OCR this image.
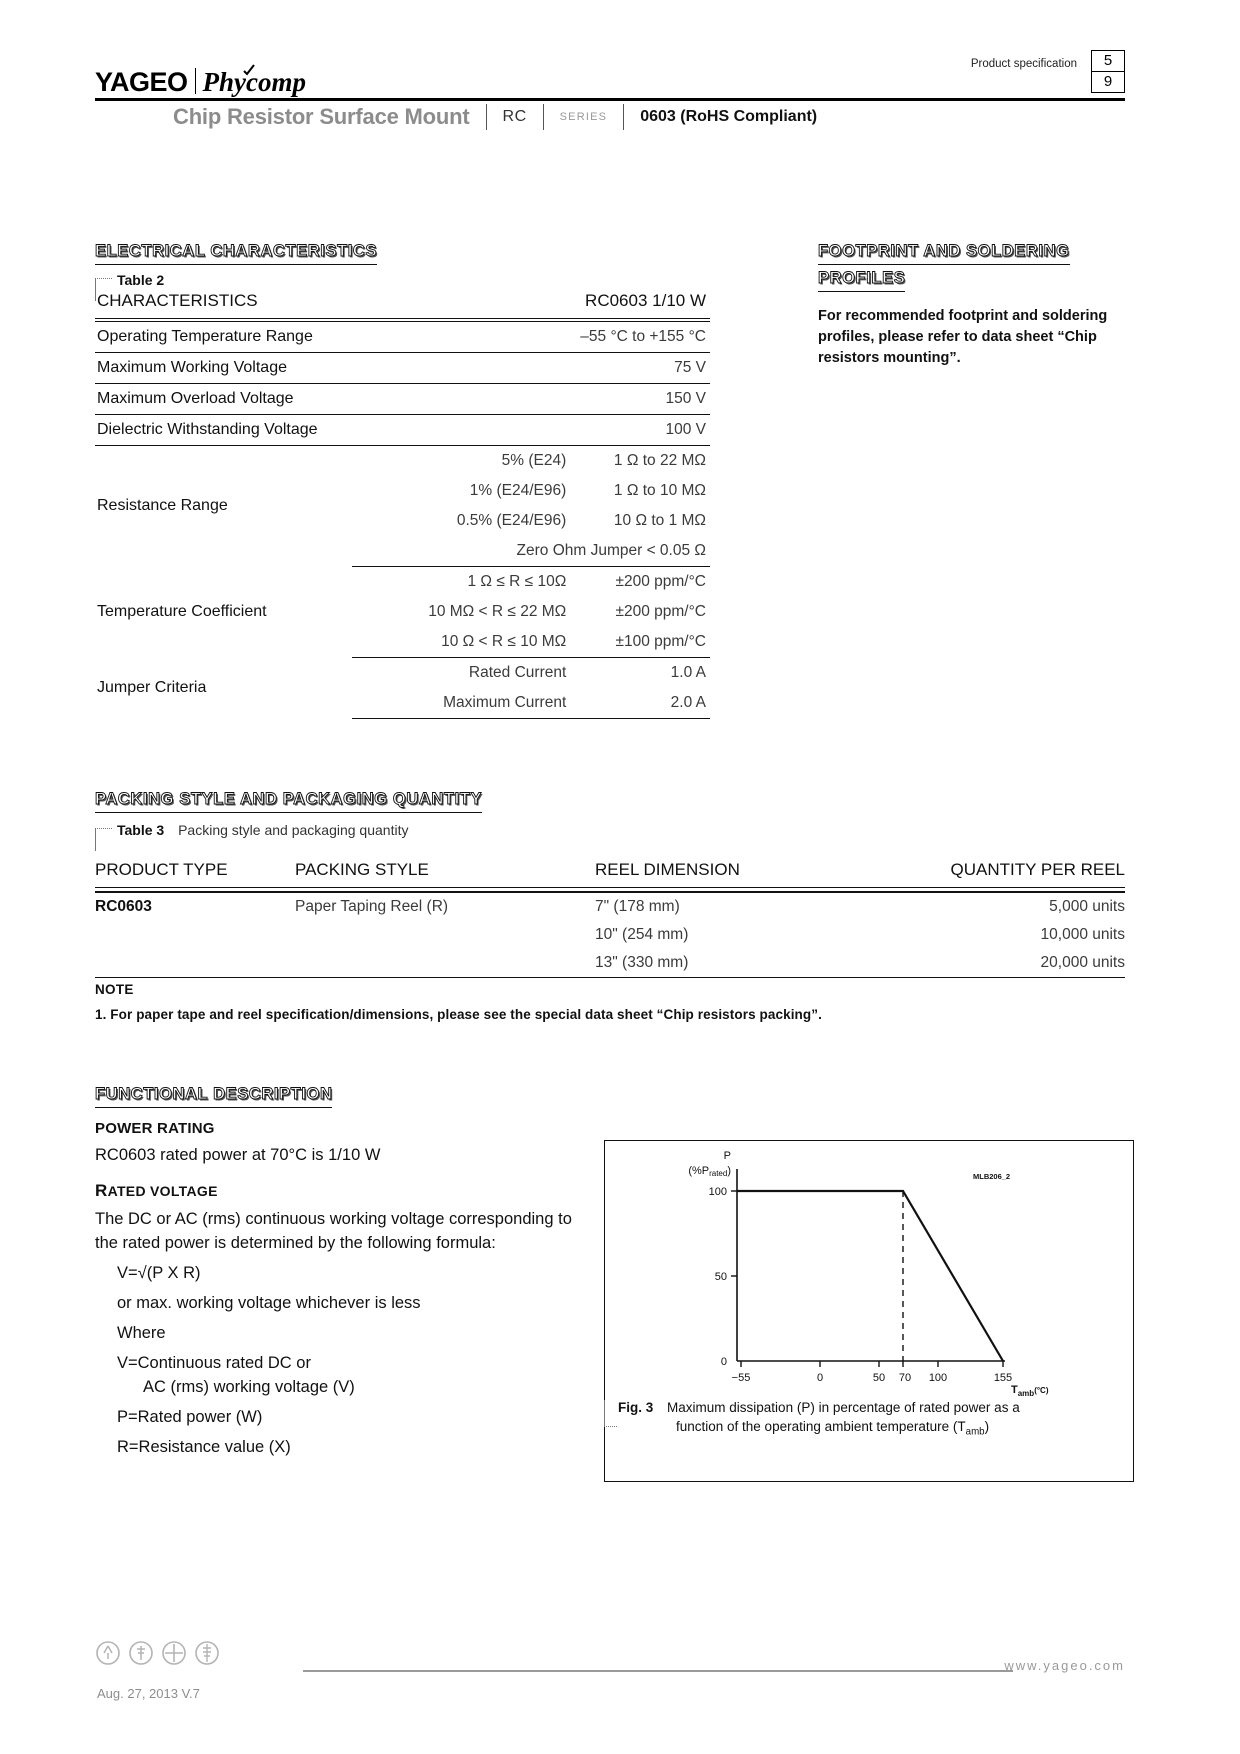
YAGEO Phycomp
Product specification	5
9
Chip Resistor Surface Mount RC	SERIES 0603 (RoHS Compliant)
ELECTRICAL CHARACTERISTICS
Table 2
CHARACTERISTICS		RC0603 1/10 W

Operating Temperature Range		–55 °C to +155 °C
Maximum Working Voltage		75 V
Maximum Overload Voltage		150 V
Dielectric Withstanding Voltage		100 V
Resistance Range	5% (E24)	1 Ω to 22 MΩ
	1% (E24/E96)	1 Ω to 10 MΩ
	0.5% (E24/E96)	10 Ω to 1 MΩ
	Zero Ohm Jumper < 0.05 Ω	
Temperature Coefficient	1 Ω ≤ R ≤ 10Ω	±200 ppm/°C
	10 MΩ < R ≤ 22 MΩ	±200 ppm/°C
	10 Ω < R ≤ 10 MΩ	±100 ppm/°C
Jumper Criteria	Rated Current	1.0 A
	Maximum Current	2.0 A
FOOTPRINT AND SOLDERING
PROFILES
For recommended footprint and soldering profiles, please refer to data sheet “Chip resistors mounting”.
PACKING STYLE AND PACKAGING QUANTITY
Table 3 Packing style and packaging quantity
PRODUCT TYPE	PACKING STYLE	REEL DIMENSION	QUANTITY PER REEL

RC0603	Paper Taping Reel (R)	7" (178 mm)	5,000 units
		10" (254 mm)	10,000 units
		13" (330 mm)	20,000 units
NOTE
1. For paper tape and reel specification/dimensions, please see the special data sheet “Chip resistors packing”.
FUNCTIONAL DESCRIPTION
POWER RATING

RC0603 rated power at 70°C is 1/10 W

RATED VOLTAGE

The DC or AC (rms) continuous working voltage corresponding to the rated power is determined by the following formula:

V=√(P X R)

or max. working voltage whichever is less

Where

V=Continuous rated DC or

AC (rms) working voltage (V)

P=Rated power (W)

R=Resistance value (X)

MLB206_2
100
50
0
P
(%Prated)
−55	0	50 70 100	155
$T_{amb}^{(^\circ C)}$
Fig. 3 Maximum dissipation (P) in percentage of rated power as a
function of the operating ambient temperature $(T_{amb})$
www.yageo.com
Aug. 27, 2013 V.7
